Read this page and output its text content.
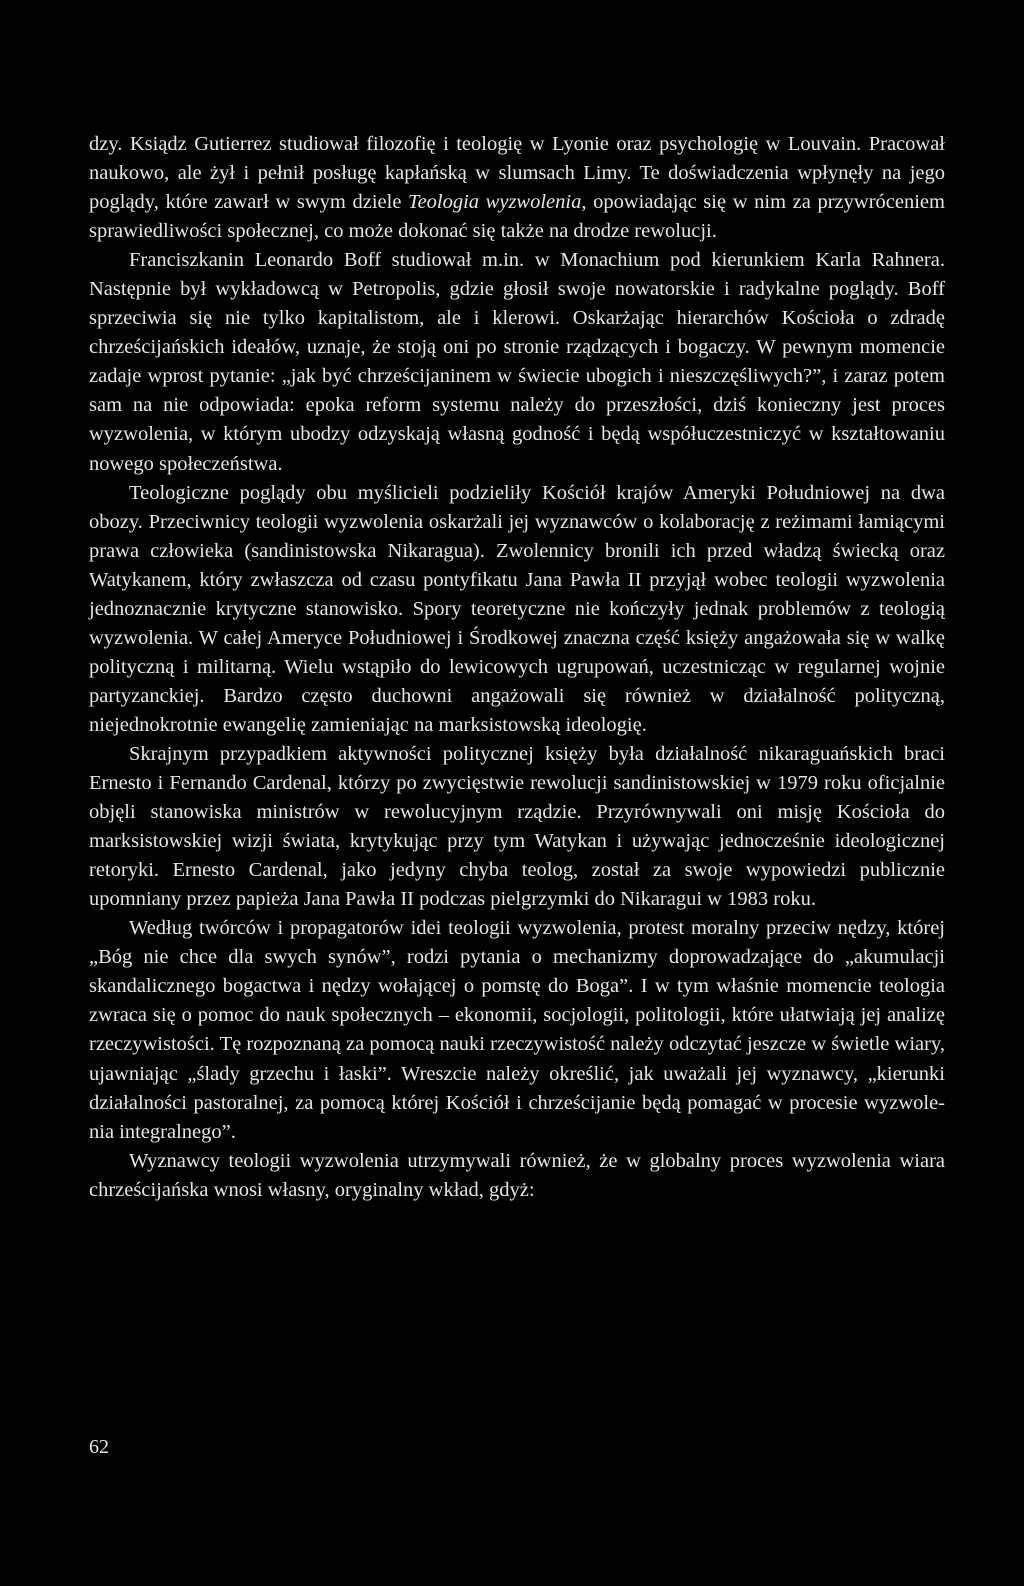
dzy. Ksiądz Gutierrez studiował filozofię i teologię w Lyonie oraz psychologię w Louvain. Pracował naukowo, ale żył i pełnił posługę kapłańską w slumsach Limy. Te doświadczenia wpłynęły na jego poglądy, które zawarł w swym dziele Teologia wyzwolenia, opowiadając się w nim za przywróceniem sprawiedliwości społecznej, co może dokonać się także na drodze rewolucji.

Franciszkanin Leonardo Boff studiował m.in. w Monachium pod kierunkiem Karla Rahnera. Następnie był wykładowcą w Petropolis, gdzie głosił swoje nowatorskie i radykalne poglądy. Boff sprzeciwia się nie tylko kapitalistom, ale i klerowi. Oskarżając hierarchów Kościoła o zdradę chrześcijańskich ideałów, uznaje, że stoją oni po stronie rządzących i bogaczy. W pewnym momencie zadaje wprost pytanie: „jak być chrześcijaninem w świecie ubogich i nieszczęśliwych?”, i zaraz potem sam na nie odpowiada: epoka reform systemu należy do przeszłości, dziś konieczny jest proces wyzwolenia, w którym ubodzy odzyskają własną godność i będą współuczestniczyć w kształtowaniu nowego społeczeństwa.

Teologiczne poglądy obu myślicieli podzieliły Kościół krajów Ameryki Południowej na dwa obozy. Przeciwnicy teologii wyzwolenia oskarżali jej wyznawców o kolaborację z reżimami łamiącymi prawa człowieka (sandinistowska Nikaragua). Zwolennicy bronili ich przed władzą świecką oraz Watykanem, który zwłaszcza od czasu pontyfikatu Jana Pawła II przyjął wobec teologii wyzwolenia jednoznacznie krytyczne stanowisko. Spory teoretyczne nie kończyły jednak problemów z teologią wyzwolenia. W całej Ameryce Południowej i Środkowej znaczna część księży angażowała się w walkę polityczną i militarną. Wielu wstąpiło do lewicowych ugrupowań, uczestnicząc w regularnej wojnie partyzanckiej. Bardzo często duchowni angażowali się również w działalność polityczną, niejednokrotnie ewangelię zamieniając na marksistowską ideologię.

Skrajnym przypadkiem aktywności politycznej księży była działalność nikaraguańskich braci Ernesto i Fernando Cardenal, którzy po zwycięstwie rewolucji sandinistowskiej w 1979 roku oficjalnie objęli stanowiska ministrów w rewolucyjnym rządzie. Przyrównywali oni misję Kościoła do marksistowskiej wizji świata, krytykując przy tym Watykan i używając jednocześnie ideologicznej retoryki. Ernesto Cardenal, jako jedyny chyba teolog, został za swoje wypowiedzi publicznie upomniany przez papieża Jana Pawła II podczas pielgrzymki do Nikaragui w 1983 roku.

Według twórców i propagatorów idei teologii wyzwolenia, protest moralny przeciw nędzy, której „Bóg nie chce dla swych synów”, rodzi pytania o mechanizmy doprowadzające do „akumulacji skandalicznego bogactwa i nędzy wołającej o pomstę do Boga”. I w tym właśnie momencie teologia zwraca się o pomoc do nauk społecznych – ekonomii, socjologii, politologii, które ułatwiają jej analizę rzeczywistości. Tę rozpoznaną za pomocą nauki rzeczywistość należy odczytać jeszcze w świetle wiary, ujawniając „ślady grzechu i łaski”. Wreszcie należy określić, jak uważali jej wyznawcy, „kierunki działalności pastoralnej, za pomocą której Kościół i chrześcijanie będą pomagać w procesie wyzwolenia integralnego”.

Wyznawcy teologii wyzwolenia utrzymywali również, że w globalny proces wyzwolenia wiara chrześcijańska wnosi własny, oryginalny wkład, gdyż:

62
